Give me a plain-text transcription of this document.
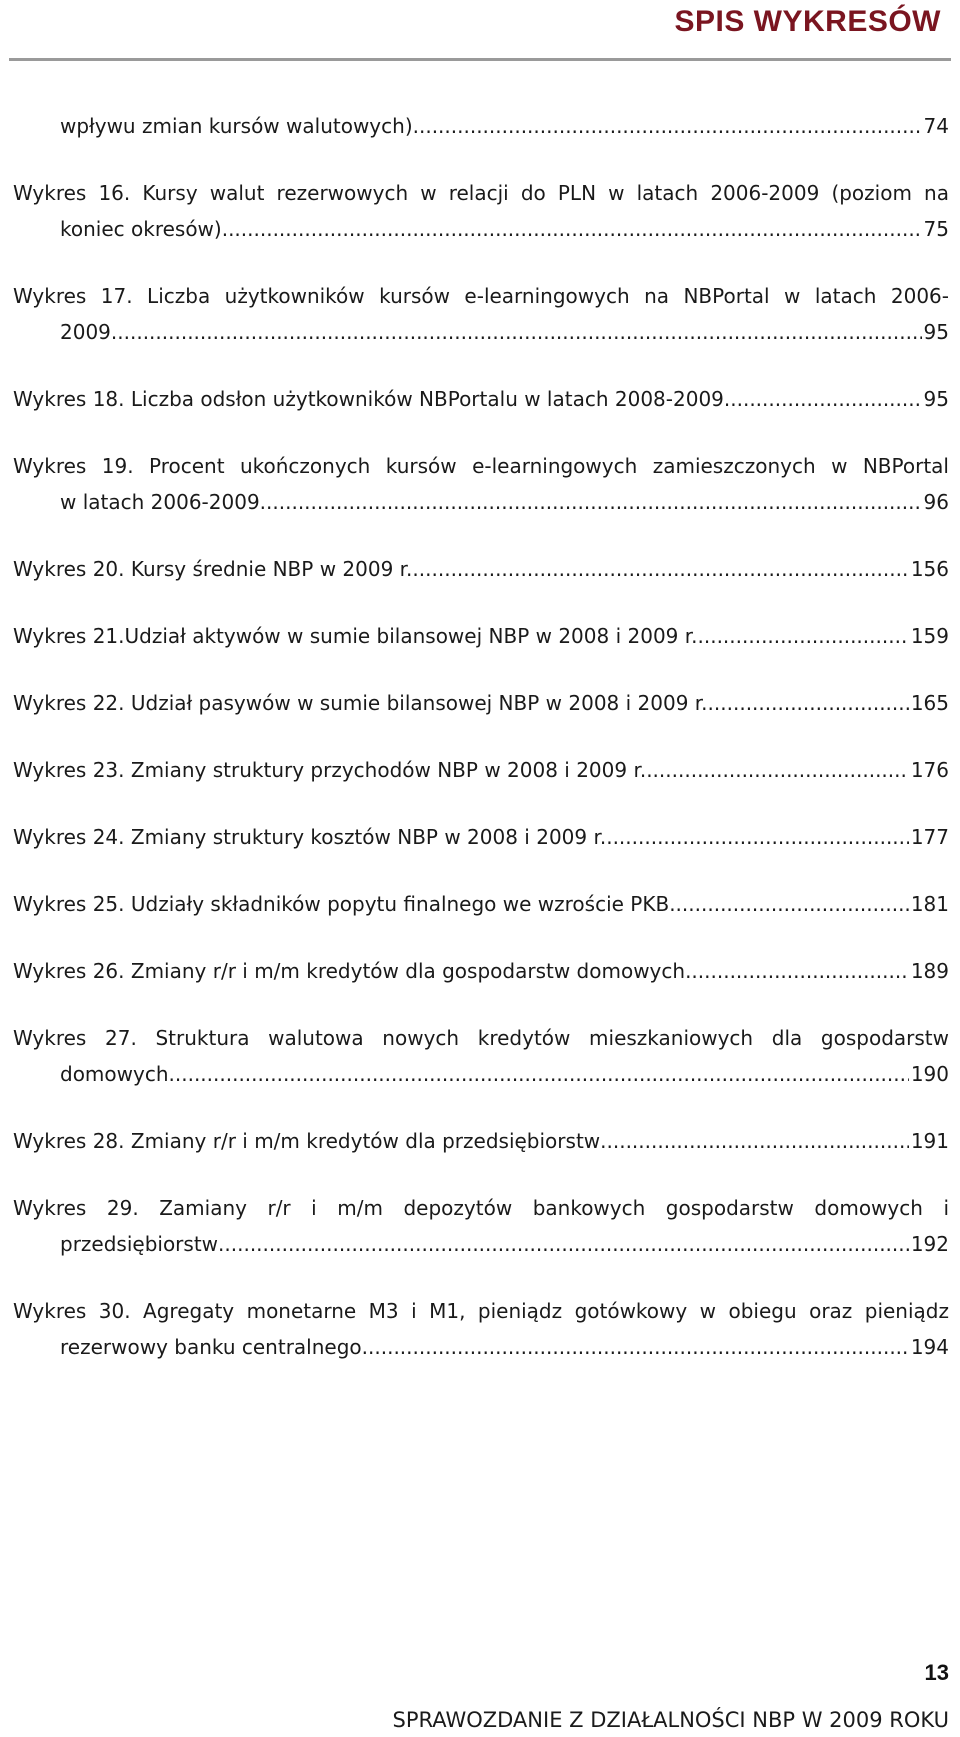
SPIS WYKRESÓW
wpływu zmian kursów walutowych) .....	74
Wykres 16. Kursy walut rezerwowych w relacji do PLN w latach 2006-2009 (poziom na
koniec okresów) .....	75
Wykres 17. Liczba użytkowników kursów e-learningowych na NBPortal w latach 2006-
2009 .....	95
Wykres 18. Liczba odsłon użytkowników NBPortalu w latach 2008-2009 .....	95
Wykres 19. Procent ukończonych kursów e-learningowych zamieszczonych w NBPortal
w latach 2006-2009 .....	96
Wykres 20. Kursy średnie NBP w 2009 r. .....	156
Wykres 21.Udział aktywów w sumie bilansowej NBP w 2008 i 2009 r. .....	159
Wykres 22. Udział pasywów w sumie bilansowej NBP w 2008 i 2009 r. .....	165
Wykres 23. Zmiany struktury przychodów NBP w 2008 i 2009 r. .....	176
Wykres 24. Zmiany struktury kosztów NBP w 2008 i 2009 r. .....	177
Wykres 25. Udziały składników popytu finalnego we wzroście PKB .....	181
Wykres 26. Zmiany r/r i m/m kredytów dla gospodarstw domowych .....	189
Wykres 27. Struktura walutowa nowych kredytów mieszkaniowych dla gospodarstw
domowych .....	190
Wykres 28. Zmiany r/r i m/m kredytów dla przedsiębiorstw .....	191
Wykres 29. Zamiany r/r i m/m depozytów bankowych gospodarstw domowych i
przedsiębiorstw .....	192
Wykres 30. Agregaty monetarne M3 i M1, pieniądz gotówkowy w obiegu oraz pieniądz
rezerwowy banku centralnego .....	194
13
SPRAWOZDANIE Z DZIAŁALNOŚCI NBP W 2009 ROKU
